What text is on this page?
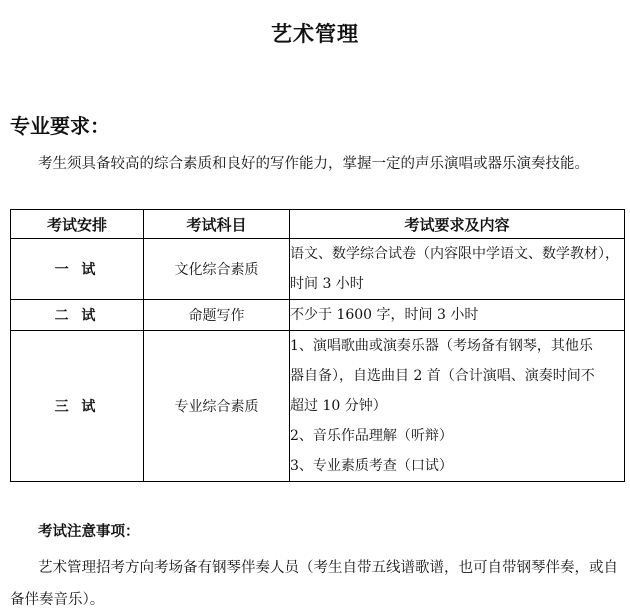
艺术管理
专业要求：
考生须具备较高的综合素质和良好的写作能力，掌握一定的声乐演唱或器乐演奏技能。
考试安排	考试科目	考试要求及内容
一 试	文化综合素质	语文、数学综合试卷（内容限中学语文、数学教材），
时间 3 小时

二 试	命题写作	不少于 1600 字，时间 3 小时

三 试	专业综合素质	1、演唱歌曲或演奏乐器（考场备有钢琴，其他乐
器自备），自选曲目 2 首（合计演唱、演奏时间不
超过 10 分钟）
2、音乐作品理解（听辩）
3、专业素质考查（口试）
考试注意事项：
艺术管理招考方向考场备有钢琴伴奏人员（考生自带五线谱歌谱，也可自带钢琴伴奏，或自备伴奏音乐）。
